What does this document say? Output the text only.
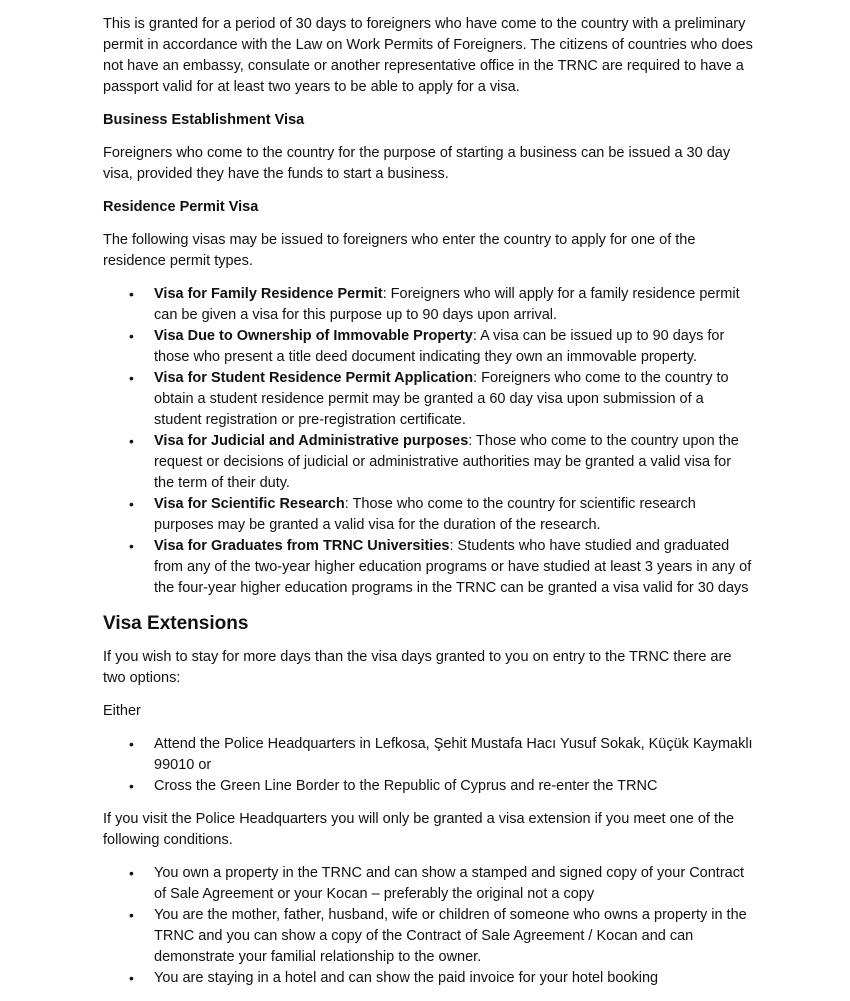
This is granted for a period of 30 days to foreigners who have come to the country with a preliminary permit in accordance with the Law on Work Permits of Foreigners. The citizens of countries who does not have an embassy, consulate or another representative office in the TRNC are required to have a passport valid for at least two years to be able to apply for a visa.

Business Establishment Visa

Foreigners who come to the country for the purpose of starting a business can be issued a 30 day visa, provided they have the funds to start a business.

Residence Permit Visa

The following visas may be issued to foreigners who enter the country to apply for one of the residence permit types.

• Visa for Family Residence Permit: Foreigners who will apply for a family residence permit can be given a visa for this purpose up to 90 days upon arrival.
• Visa Due to Ownership of Immovable Property: A visa can be issued up to 90 days for those who present a title deed document indicating they own an immovable property.
• Visa for Student Residence Permit Application: Foreigners who come to the country to obtain a student residence permit may be granted a 60 day visa upon submission of a student registration or pre-registration certificate.
• Visa for Judicial and Administrative purposes: Those who come to the country upon the request or decisions of judicial or administrative authorities may be granted a valid visa for the term of their duty.
• Visa for Scientific Research: Those who come to the country for scientific research purposes may be granted a valid visa for the duration of the research.
• Visa for Graduates from TRNC Universities: Students who have studied and graduated from any of the two-year higher education programs or have studied at least 3 years in any of the four-year higher education programs in the TRNC can be granted a visa valid for 30 days

Visa Extensions

If you wish to stay for more days than the visa days granted to you on entry to the TRNC there are two options:

Either

• Attend the Police Headquarters in Lefkosa, Şehit Mustafa Hacı Yusuf Sokak, Küçük Kaymaklı 99010 or
• Cross the Green Line Border to the Republic of Cyprus and re-enter the TRNC

If you visit the Police Headquarters you will only be granted a visa extension if you meet one of the following conditions.

• You own a property in the TRNC and can show a stamped and signed copy of your Contract of Sale Agreement or your Kocan – preferably the original not a copy
• You are the mother, father, husband, wife or children of someone who owns a property in the TRNC and you can show a copy of the Contract of Sale Agreement / Kocan and can demonstrate your familial relationship to the owner.
• You are staying in a hotel and can show the paid invoice for your hotel booking
